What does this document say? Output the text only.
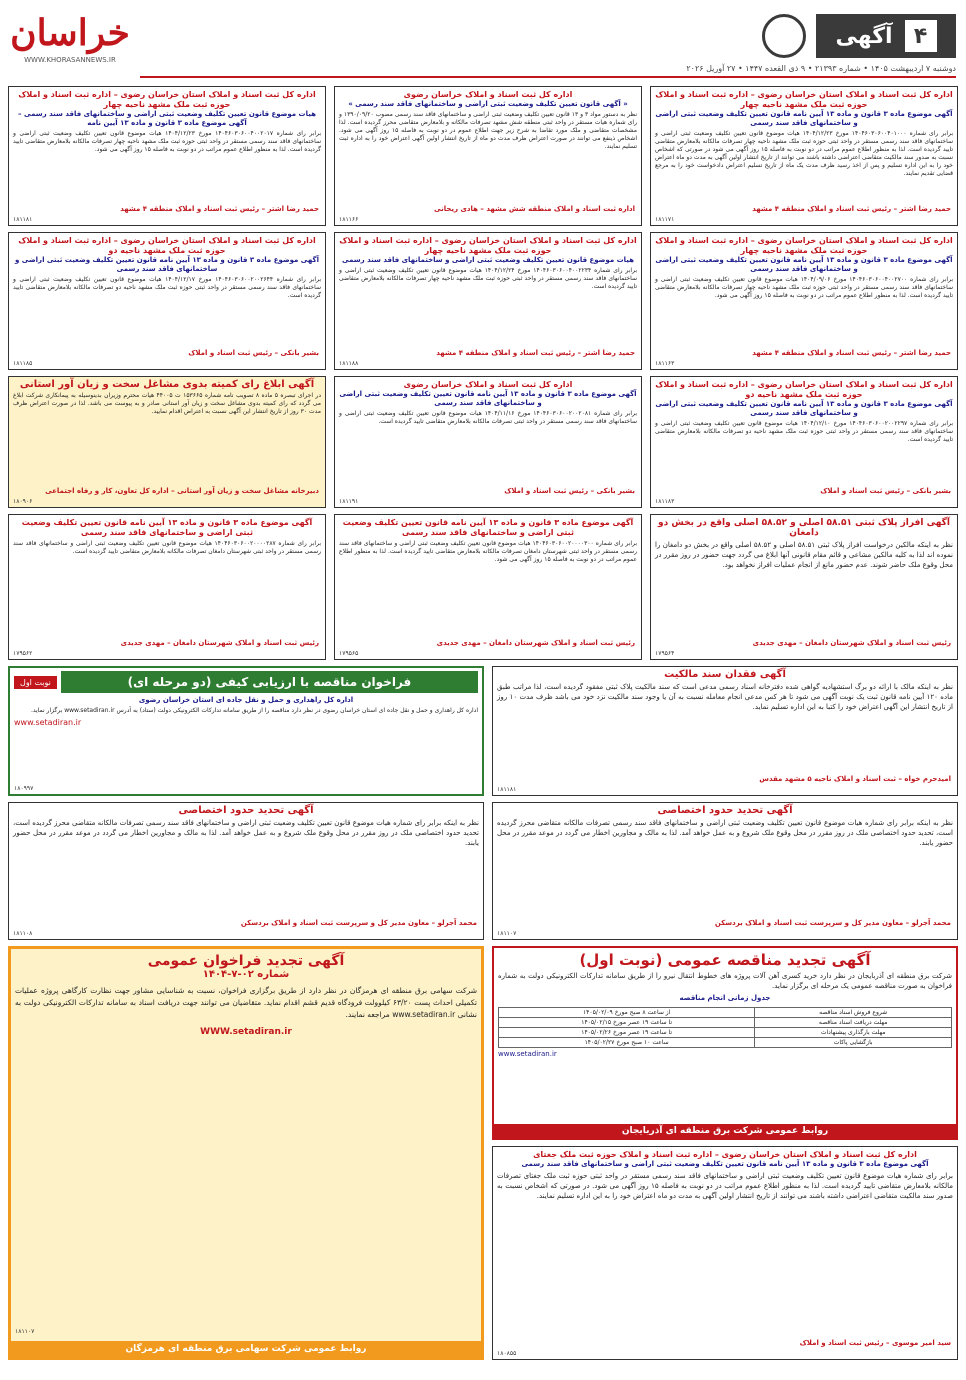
خراسان
WWW.KHORASANNEWS.IR
۴
آگهی
دوشنبه ۷ اردیبهشت ۱۴۰۵ • شماره ۲۱۳۹۳ • ۹ ذی القعده ۱۴۴۷ • ۲۷ آوریل ۲۰۲۶
اداره کل ثبت اسناد و املاک استان خراسان رضوی – اداره ثبت اسناد و املاک حوزه ثبت ملک مشهد ناحیه چهار
آگهی موضوع ماده ۳ قانون و ماده ۱۳ آیین نامه قانون تعیین تکلیف وضعیت ثبتی اراضی و ساختمانهای فاقد سند رسمی
برابر رای شماره ۱۴۰۴۶۰۳۰۶۰۰۴۰۱۰۰۰ مورخ ۱۴۰۴/۱۲/۲۳ هیات موضوع قانون تعیین تکلیف وضعیت ثبتی اراضی و ساختمانهای فاقد سند رسمی مستقر در واحد ثبتی حوزه ثبت ملک مشهد ناحیه چهار تصرفات مالکانه بلامعارض متقاضی تایید گردیده است. لذا به منظور اطلاع عموم مراتب در دو نوبت به فاصله ۱۵ روز آگهی می شود در صورتی که اشخاص نسبت به صدور سند مالکیت متقاضی اعتراضی داشته باشند می توانند از تاریخ انتشار اولین آگهی به مدت دو ماه اعتراض خود را به این اداره تسلیم و پس از اخذ رسید ظرف مدت یک ماه از تاریخ تسلیم اعتراض دادخواست خود را به مرجع قضایی تقدیم نمایند.
حمید رضا اشتر – رئیس ثبت اسناد و املاک منطقه ۴ مشهد
۱۸۱۱۷۱
اداره کل ثبت اسناد و املاک خراسان رضوی
« آگهی قانون تعیین تکلیف وضعیت ثبتی اراضی و ساختمانهای فاقد سند رسمی »
نظر به دستور مواد ۳ و ۱۳ قانون تعیین تکلیف وضعیت ثبتی اراضی و ساختمانهای فاقد سند رسمی مصوب ۱۳۹۰/۰۹/۲۰ و رای شماره هیات مستقر در واحد ثبتی منطقه شش مشهد تصرفات مالکانه و بلامعارض متقاضی محرز گردیده است. لذا مشخصات متقاضی و ملک مورد تقاضا به شرح زیر جهت اطلاع عموم در دو نوبت به فاصله ۱۵ روز آگهی می شود. اشخاص ذینفع می توانند در صورت اعتراض ظرف مدت دو ماه از تاریخ انتشار اولین آگهی اعتراض خود را به اداره ثبت تسلیم نمایند.
اداره ثبت اسناد و املاک منطقه شش مشهد – هادی ریحانی
۱۸۱۱۶۶
اداره کل ثبت اسناد و املاک استان خراسان رضوی – اداره ثبت اسناد و املاک حوزه ثبت ملک مشهد ناحیه چهار
هیات موضوع قانون تعیین تکلیف وضعیت ثبتی اراضی و ساختمانهای فاقد سند رسمی – آگهی موضوع ماده ۳ قانون و ماده ۱۳ آیین نامه
برابر رای شماره ۱۴۰۴۶۰۳۰۶۰۰۴۰۰۲۰۱۷ مورخ ۱۴۰۴/۱۲/۲۳ هیات موضوع قانون تعیین تکلیف وضعیت ثبتی اراضی و ساختمانهای فاقد سند رسمی مستقر در واحد ثبتی حوزه ثبت ملک مشهد ناحیه چهار تصرفات مالکانه بلامعارض متقاضی تایید گردیده است. لذا به منظور اطلاع عموم مراتب در دو نوبت به فاصله ۱۵ روز آگهی می شود.
حمید رضا اشتر – رئیس ثبت اسناد و املاک منطقه ۴ مشهد
۱۸۱۱۸۱
اداره کل ثبت اسناد و املاک استان خراسان رضوی – اداره ثبت اسناد و املاک حوزه ثبت ملک مشهد ناحیه چهار
آگهی موضوع ماده ۳ قانون و ماده ۱۳ آیین نامه قانون تعیین تکلیف وضعیت ثبتی اراضی و ساختمانهای فاقد سند رسمی
برابر رای شماره ۱۴۰۴۶۰۳۰۶۰۰۴۰۰۲۷۰۰ مورخ ۱۴۰۴/۰۹/۰۶ هیات موضوع قانون تعیین تکلیف وضعیت ثبتی اراضی و ساختمانهای فاقد سند رسمی مستقر در واحد ثبتی حوزه ثبت ملک مشهد ناحیه چهار تصرفات مالکانه بلامعارض متقاضی تایید گردیده است. لذا به منظور اطلاع عموم مراتب در دو نوبت به فاصله ۱۵ روز آگهی می شود.
حمید رضا اشتر – رئیس ثبت اسناد و املاک منطقه ۴ مشهد
۱۸۱۱۶۳
اداره کل ثبت اسناد و املاک استان خراسان رضوی – اداره ثبت اسناد و املاک حوزه ثبت ملک مشهد ناحیه چهار
هیات موضوع قانون تعیین تکلیف وضعیت ثبتی اراضی و ساختمانهای فاقد سند رسمی
برابر رای شماره ۱۴۰۴۶۰۳۰۶۰۰۴۰۰۲۲۳۴ مورخ ۱۴۰۴/۱۲/۲۴ هیات موضوع قانون تعیین تکلیف وضعیت ثبتی اراضی و ساختمانهای فاقد سند رسمی مستقر در واحد ثبتی حوزه ثبت ملک مشهد ناحیه چهار تصرفات مالکانه بلامعارض متقاضی تایید گردیده است.
حمید رضا اشتر – رئیس ثبت اسناد و املاک منطقه ۴ مشهد
۱۸۱۱۸۸
اداره کل ثبت اسناد و املاک استان خراسان رضوی – اداره ثبت اسناد و املاک حوزه ثبت ملک مشهد ناحیه دو
آگهی موضوع ماده ۳ قانون و ماده ۱۳ آیین نامه قانون تعیین تکلیف وضعیت ثبتی اراضی و ساختمانهای فاقد سند رسمی
برابر رای شماره ۱۴۰۴۶۰۳۰۶۰۰۲۰۰۲۶۴۴ مورخ ۱۴۰۴/۱۲/۱۷ هیات موضوع قانون تعیین تکلیف وضعیت ثبتی اراضی و ساختمانهای فاقد سند رسمی مستقر در واحد ثبتی حوزه ثبت ملک مشهد ناحیه دو تصرفات مالکانه بلامعارض متقاضی تایید گردیده است.
بشیر بانکی – رئیس ثبت اسناد و املاک
۱۸۱۱۸۵
اداره کل ثبت اسناد و املاک استان خراسان رضوی – اداره ثبت اسناد و املاک حوزه ثبت ملک مشهد ناحیه دو
آگهی موضوع ماده ۳ قانون و ماده ۱۳ آیین نامه قانون تعیین تکلیف وضعیت ثبتی اراضی و ساختمانهای فاقد سند رسمی
برابر رای شماره ۱۴۰۴۶۰۳۰۶۰۰۲۰۰۲۲۹۷ مورخ ۱۴۰۴/۱۲/۱۰ هیات موضوع قانون تعیین تکلیف وضعیت ثبتی اراضی و ساختمانهای فاقد سند رسمی مستقر در واحد ثبتی حوزه ثبت ملک مشهد ناحیه دو تصرفات مالکانه بلامعارض متقاضی تایید گردیده است.
بشیر بانکی – رئیس ثبت اسناد و املاک
۱۸۱۱۸۳
اداره کل ثبت اسناد و املاک خراسان رضوی
آگهی موضوع ماده ۳ قانون و ماده ۱۳ آیین نامه قانون تعیین تکلیف وضعیت ثبتی اراضی و ساختمانهای فاقد سند رسمی
برابر رای شماره ۱۴۰۴۶۰۳۰۶۰۰۲۰۰۲۰۸۱ مورخ ۱۴۰۴/۱۱/۱۶ هیات موضوع قانون تعیین تکلیف وضعیت ثبتی اراضی و ساختمانهای فاقد سند رسمی مستقر در واحد ثبتی تصرفات مالکانه بلامعارض متقاضی تایید گردیده است.
بشیر بانکی – رئیس ثبت اسناد و املاک
۱۸۱۱۹۱
آگهی ابلاغ رای کمیته بدوی مشاغل سخت و زیان آور استانی
در اجرای تبصره ۵ ماده ۸ تصویب نامه شماره ۱۵۳۶۶۵ ت ۴۴۰۰۵ هیات محترم وزیران بدینوسیله به پیمانکاری شرکت ابلاغ می گردد که رای کمیته بدوی مشاغل سخت و زیان آور استانی صادر و به پیوست می باشد. لذا در صورت اعتراض ظرف مدت ۳۰ روز از تاریخ انتشار این آگهی نسبت به اعتراض اقدام نمایید.
دبیرخانه مشاغل سخت و زیان آور استانی – اداره کل تعاون، کار و رفاه اجتماعی
۱۸۰۹۰۶
آگهی افراز پلاک ثبتی ۵۸.۵۱ اصلی و ۵۸.۵۲ اصلی واقع در بخش دو دامغان
نظر به اینکه مالکین درخواست افراز پلاک ثبتی ۵۸.۵۱ اصلی و ۵۸.۵۲ اصلی واقع در بخش دو دامغان را نموده اند لذا به کلیه مالکین مشاعی و قائم مقام قانونی آنها ابلاغ می گردد جهت حضور در روز مقرر در محل وقوع ملک حاضر شوند. عدم حضور مانع از انجام عملیات افراز نخواهد بود.
رئیس ثبت اسناد و املاک شهرستان دامغان – مهدی جدیدی
۱۷۹۵۶۴
آگهی موضوع ماده ۳ قانون و ماده ۱۳ آیین نامه قانون تعیین تکلیف وضعیت ثبتی اراضی و ساختمانهای فاقد سند رسمی
برابر رای شماره ۱۴۰۴۶۰۳۰۶۰۰۲۰۰۰۰۳۰۰ هیات موضوع قانون تعیین تکلیف وضعیت ثبتی اراضی و ساختمانهای فاقد سند رسمی مستقر در واحد ثبتی شهرستان دامغان تصرفات مالکانه بلامعارض متقاضی تایید گردیده است. لذا به منظور اطلاع عموم مراتب در دو نوبت به فاصله ۱۵ روز آگهی می شود.
رئیس ثبت اسناد و املاک شهرستان دامغان – مهدی جدیدی
۱۷۹۵۶۵
آگهی موضوع ماده ۳ قانون و ماده ۱۳ آیین نامه قانون تعیین تکلیف وضعیت ثبتی اراضی و ساختمانهای فاقد سند رسمی
برابر رای شماره ۱۴۰۴۶۰۳۰۶۰۰۲۰۰۰۰۲۸۷ هیات موضوع قانون تعیین تکلیف وضعیت ثبتی اراضی و ساختمانهای فاقد سند رسمی مستقر در واحد ثبتی شهرستان دامغان تصرفات مالکانه بلامعارض متقاضی تایید گردیده است.
رئیس ثبت اسناد و املاک شهرستان دامغان – مهدی جدیدی
۱۷۹۵۶۲
آگهی فقدان سند مالکیت
نظر به اینکه مالک با ارائه دو برگ استشهادیه گواهی شده دفترخانه اسناد رسمی مدعی است که سند مالکیت پلاک ثبتی مفقود گردیده است، لذا مراتب طبق ماده ۱۲۰ آیین نامه قانون ثبت یک نوبت آگهی می شود تا هر کس مدعی انجام معامله نسبت به آن یا وجود سند مالکیت نزد خود می باشد ظرف مدت ۱۰ روز از تاریخ انتشار این آگهی اعتراض خود را کتبا به این اداره تسلیم نماید.
امیدحرم خواه – ثبت اسناد و املاک ناحیه ۵ مشهد مقدس
۱۸۱۱۸۱
فراخوان مناقصه با ارزیابی کیفی (دو مرحله ای)
نوبت اول
اداره کل راهداری و حمل و نقل جاده ای استان خراسان رضوی
اداره کل راهداری و حمل و نقل جاده ای استان خراسان رضوی در نظر دارد مناقصه را از طریق سامانه تدارکات الکترونیکی دولت (ستاد) به آدرس www.setadiran.ir برگزار نماید.
www.setadiran.ir
۱۸۰۹۹۷
آگهی تحدید حدود اختصاصی
نظر به اینکه برابر رای شماره هیات موضوع قانون تعیین تکلیف وضعیت ثبتی اراضی و ساختمانهای فاقد سند رسمی تصرفات مالکانه متقاضی محرز گردیده است، تحدید حدود اختصاصی ملک در روز مقرر در محل وقوع ملک شروع و به عمل خواهد آمد. لذا به مالک و مجاورین اخطار می گردد در موعد مقرر در محل حضور یابند.
محمد آجرلو – معاون مدیر کل و سرپرست ثبت اسناد و املاک بردسکن
۱۸۱۱۰۷
آگهی تحدید حدود اختصاصی
نظر به اینکه برابر رای شماره هیات موضوع قانون تعیین تکلیف وضعیت ثبتی اراضی و ساختمانهای فاقد سند رسمی تصرفات مالکانه متقاضی محرز گردیده است، تحدید حدود اختصاصی ملک در روز مقرر در محل وقوع ملک شروع و به عمل خواهد آمد. لذا به مالک و مجاورین اخطار می گردد در موعد مقرر در محل حضور یابند.
محمد آجرلو – معاون مدیر کل و سرپرست ثبت اسناد و املاک بردسکن
۱۸۱۱۰۸
آگهی تجدید مناقصه عمومی (نوبت اول)
شرکت برق منطقه ای آذربایجان در نظر دارد خرید کسری آهن آلات پروژه های خطوط انتقال نیرو را از طریق سامانه تدارکات الکترونیکی دولت به شماره فراخوان به صورت مناقصه عمومی یک مرحله ای برگزار نماید.
جدول زمانی انجام مناقصه
شروع فروش اسناد مناقصه	از ساعت ۸ صبح مورخ ۱۴۰۵/۰۲/۰۹
مهلت دریافت اسناد مناقصه	تا ساعت ۱۹ عصر مورخ ۱۴۰۵/۰۲/۱۵
مهلت بارگذاری پیشنهادات	تا ساعت ۱۹ عصر مورخ ۱۴۰۵/۰۲/۲۶
بازگشایی پاکات	ساعت ۱۰ صبح مورخ ۱۴۰۵/۰۲/۲۷
www.setadiran.ir
روابط عمومی شرکت برق منطقه ای آذربایجان
آگهی تجدید فراخوان عمومی
شماره ۰۲-۷-۱۴۰۴
شرکت سهامی برق منطقه ای هرمزگان در نظر دارد از طریق برگزاری فراخوان، نسبت به شناسایی مشاور جهت نظارت کارگاهی پروژه عملیات تکمیلی احداث پست ۶۳/۲۰ کیلوولت فرودگاه قدیم قشم اقدام نماید. متقاضیان می توانند جهت دریافت اسناد به سامانه تدارکات الکترونیکی دولت به نشانی www.setadiran.ir مراجعه نمایند.
WWW.setadiran.ir
روابط عمومی شرکت سهامی برق منطقه ای هرمزگان
۱۸۱۱۰۷
اداره کل ثبت اسناد و املاک استان خراسان رضوی – اداره ثبت اسناد و املاک حوزه ثبت ملک جغتای
آگهی موضوع ماده ۳ قانون و ماده ۱۳ آیین نامه قانون تعیین تکلیف وضعیت ثبتی اراضی و ساختمانهای فاقد سند رسمی
برابر رای شماره هیات موضوع قانون تعیین تکلیف وضعیت ثبتی اراضی و ساختمانهای فاقد سند رسمی مستقر در واحد ثبتی حوزه ثبت ملک جغتای تصرفات مالکانه بلامعارض متقاضی تایید گردیده است. لذا به منظور اطلاع عموم مراتب در دو نوبت به فاصله ۱۵ روز آگهی می شود. در صورتی که اشخاص نسبت به صدور سند مالکیت متقاضی اعتراضی داشته باشند می توانند از تاریخ انتشار اولین آگهی به مدت دو ماه اعتراض خود را به این اداره تسلیم نمایند.
سید امیر موسوی – رئیس ثبت اسناد و املاک
۱۸۰۸۵۵
